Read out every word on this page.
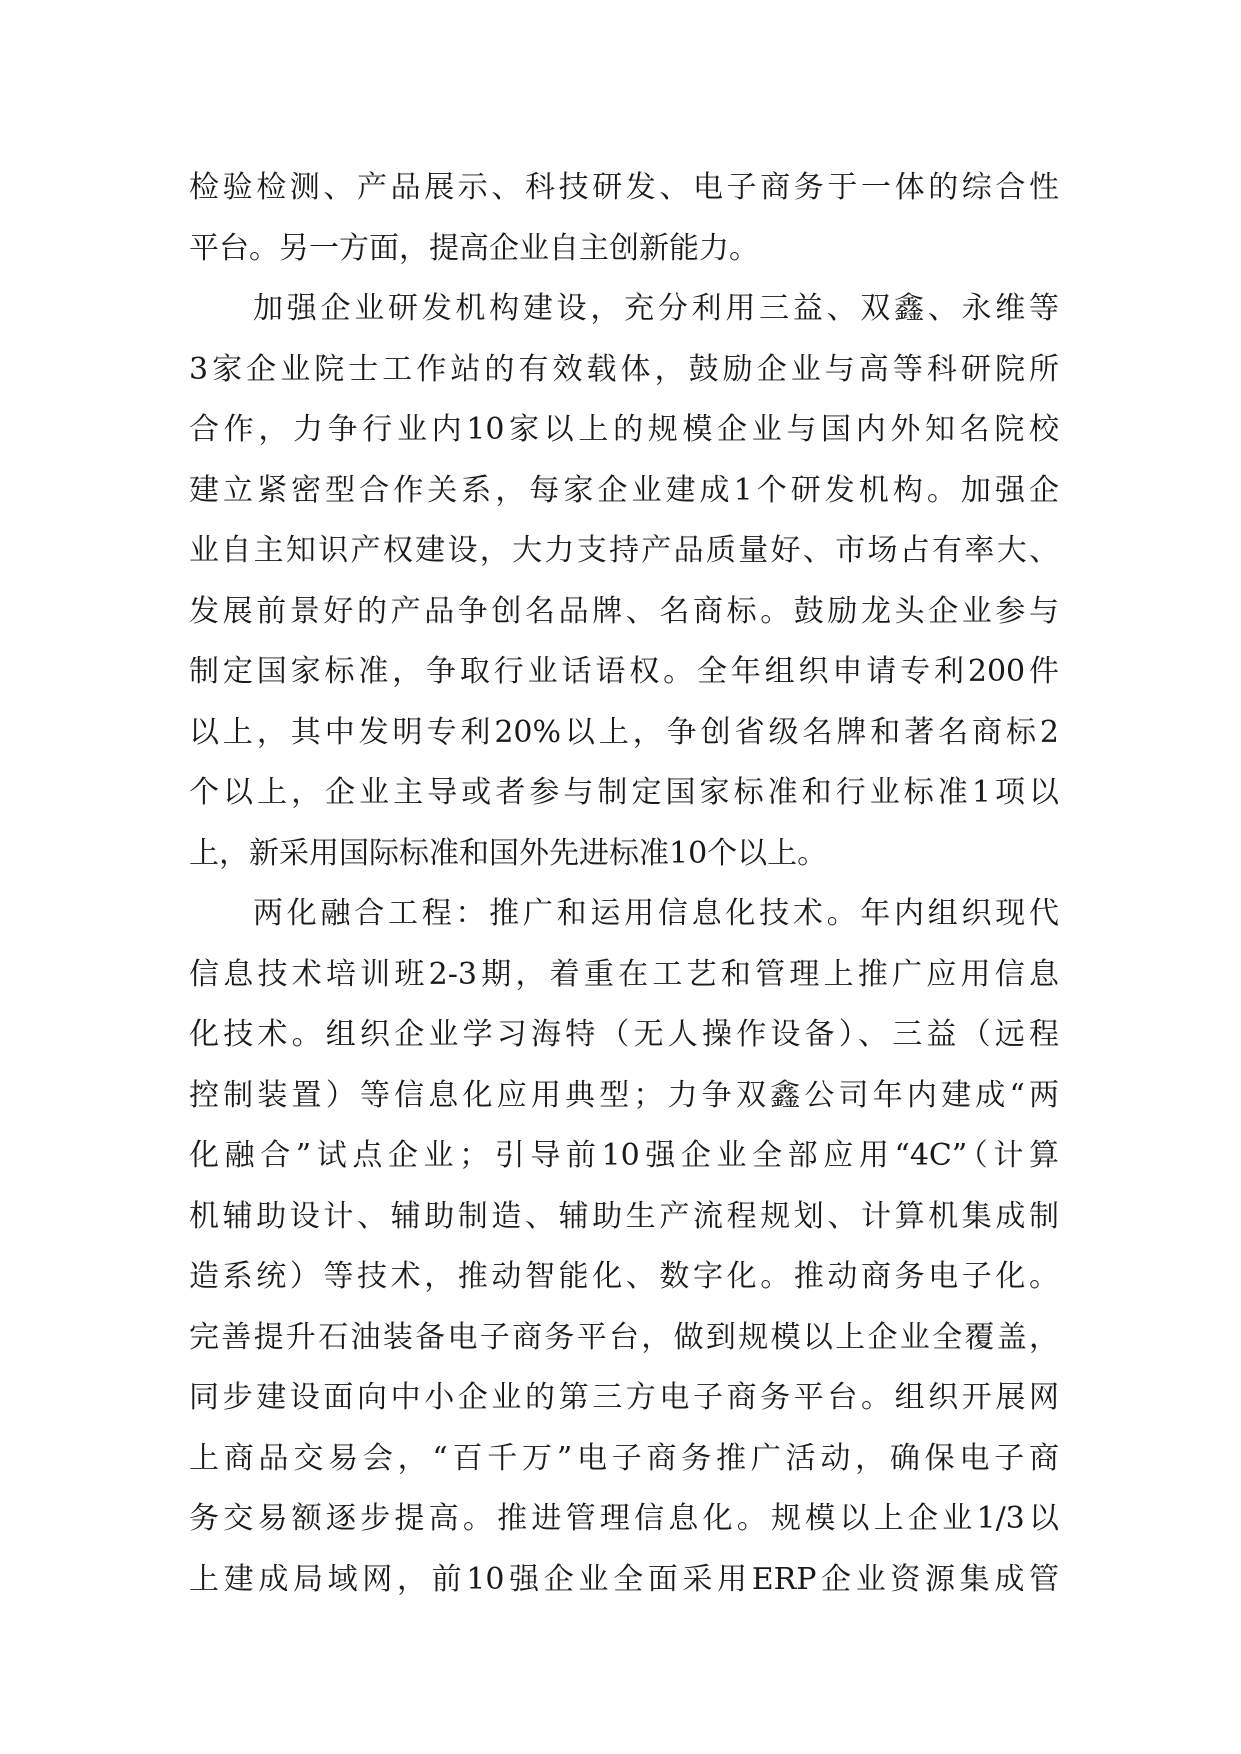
检验检测、产品展示、科技研发、电子商务于一体的综合性
平台。另一方面，提高企业自主创新能力。
加强企业研发机构建设，充分利用三益、双鑫、永维等
3家企业院士工作站的有效载体，鼓励企业与高等科研院所
合作，力争行业内10家以上的规模企业与国内外知名院校
建立紧密型合作关系，每家企业建成1个研发机构。加强企
业自主知识产权建设，大力支持产品质量好、市场占有率大、
发展前景好的产品争创名品牌、名商标。鼓励龙头企业参与
制定国家标准，争取行业话语权。全年组织申请专利200件
以上，其中发明专利20%以上，争创省级名牌和著名商标2
个以上，企业主导或者参与制定国家标准和行业标准1项以
上，新采用国际标准和国外先进标准10个以上。
两化融合工程：推广和运用信息化技术。年内组织现代
信息技术培训班2-3期，着重在工艺和管理上推广应用信息
化技术。组织企业学习海特（无人操作设备）、三益（远程
控制装置）等信息化应用典型；力争双鑫公司年内建成“两
化融合”试点企业；引导前10强企业全部应用“4C”（计算
机辅助设计、辅助制造、辅助生产流程规划、计算机集成制
造系统）等技术，推动智能化、数字化。推动商务电子化。
完善提升石油装备电子商务平台，做到规模以上企业全覆盖，
同步建设面向中小企业的第三方电子商务平台。组织开展网
上商品交易会，“百千万”电子商务推广活动，确保电子商
务交易额逐步提高。推进管理信息化。规模以上企业1/3以
上建成局域网，前10强企业全面采用ERP企业资源集成管
